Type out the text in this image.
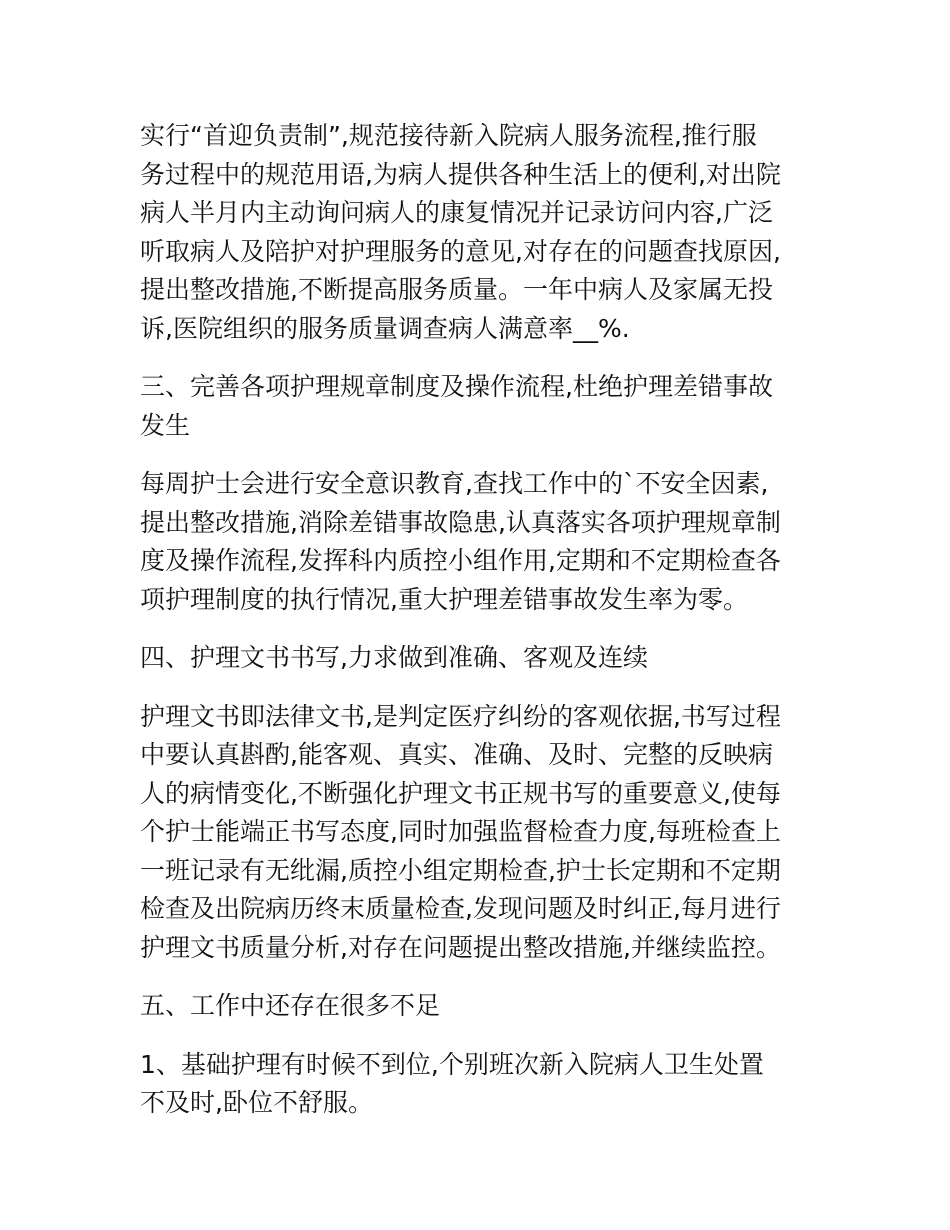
实行“首迎负责制”,规范接待新入院病人服务流程,推行服
务过程中的规范用语,为病人提供各种生活上的便利,对出院
病人半月内主动询问病人的康复情况并记录访问内容,广泛
听取病人及陪护对护理服务的意见,对存在的问题查找原因,
提出整改措施,不断提高服务质量。一年中病人及家属无投
诉,医院组织的服务质量调查病人满意率__%.
三、完善各项护理规章制度及操作流程,杜绝护理差错事故
发生
每周护士会进行安全意识教育,查找工作中的`不安全因素,
提出整改措施,消除差错事故隐患,认真落实各项护理规章制
度及操作流程,发挥科内质控小组作用,定期和不定期检查各
项护理制度的执行情况,重大护理差错事故发生率为零。
四、护理文书书写,力求做到准确、客观及连续
护理文书即法律文书,是判定医疗纠纷的客观依据,书写过程
中要认真斟酌,能客观、真实、准确、及时、完整的反映病
人的病情变化,不断强化护理文书正规书写的重要意义,使每
个护士能端正书写态度,同时加强监督检查力度,每班检查上
一班记录有无纰漏,质控小组定期检查,护士长定期和不定期
检查及出院病历终末质量检查,发现问题及时纠正,每月进行
护理文书质量分析,对存在问题提出整改措施,并继续监控。
五、工作中还存在很多不足
1、基础护理有时候不到位,个别班次新入院病人卫生处置
不及时,卧位不舒服。
